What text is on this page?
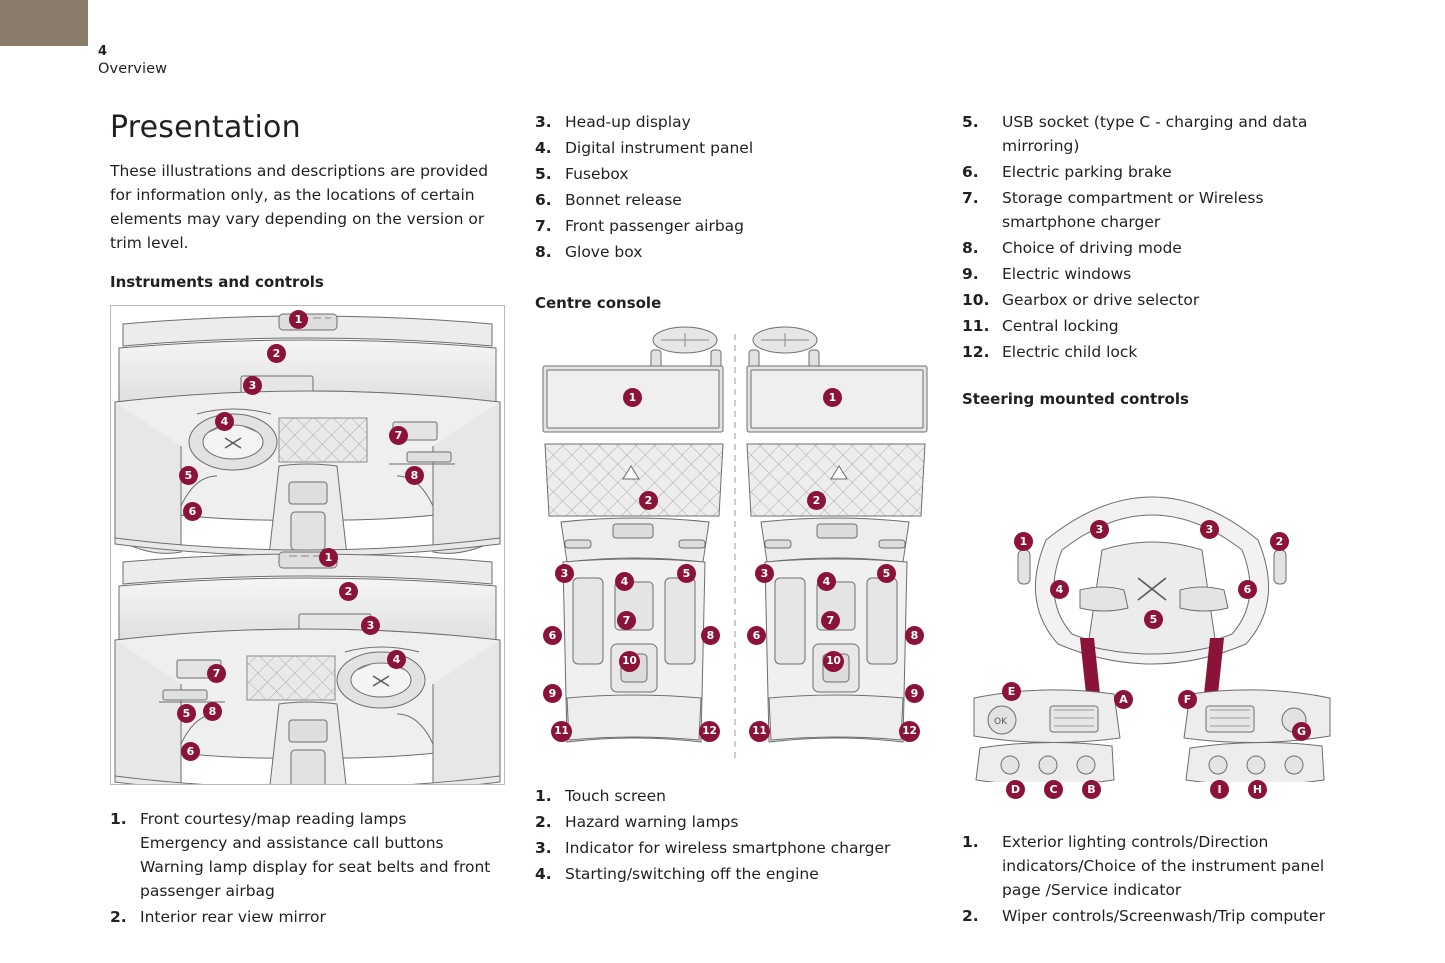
4
Overview
Presentation

These illustrations and descriptions are provided for information only, as the locations of certain elements may vary depending on the version or trim level.

Instruments and controls
1
2
3
4
5
6
7
8
1
2
3
4
5
6
7
8
1. Front courtesy/map reading lamps
Emergency and assistance call buttons
Warning lamp display for seat belts and front passenger airbag
2. Interior rear view mirror
3. Head-up display
4. Digital instrument panel
5. Fusebox
6. Bonnet release
7. Front passenger airbag
8. Glove box
Centre console
1
2
3
4
5
6
7
8
9
10
11	12
1
2
3
4
5
6
7
8
9
10
11	12
1. Touch screen
2. Hazard warning lamps
3. Indicator for wireless smartphone charger
4. Starting/switching off the engine
5.	USB socket (type C - charging and data mirroring)
6.	Electric parking brake
7.	Storage compartment or Wireless smartphone charger
8.	Choice of driving mode
9.	Electric windows
10. Gearbox or drive selector
11. Central locking
12. Electric child lock
Steering mounted controls
OK
1	2
3	3
4
5
6
E
A
D	C	B
F
G
I	H
1.	Exterior lighting controls/Direction indicators/Choice of the instrument panel page /Service indicator
2.	Wiper controls/Screenwash/Trip computer
